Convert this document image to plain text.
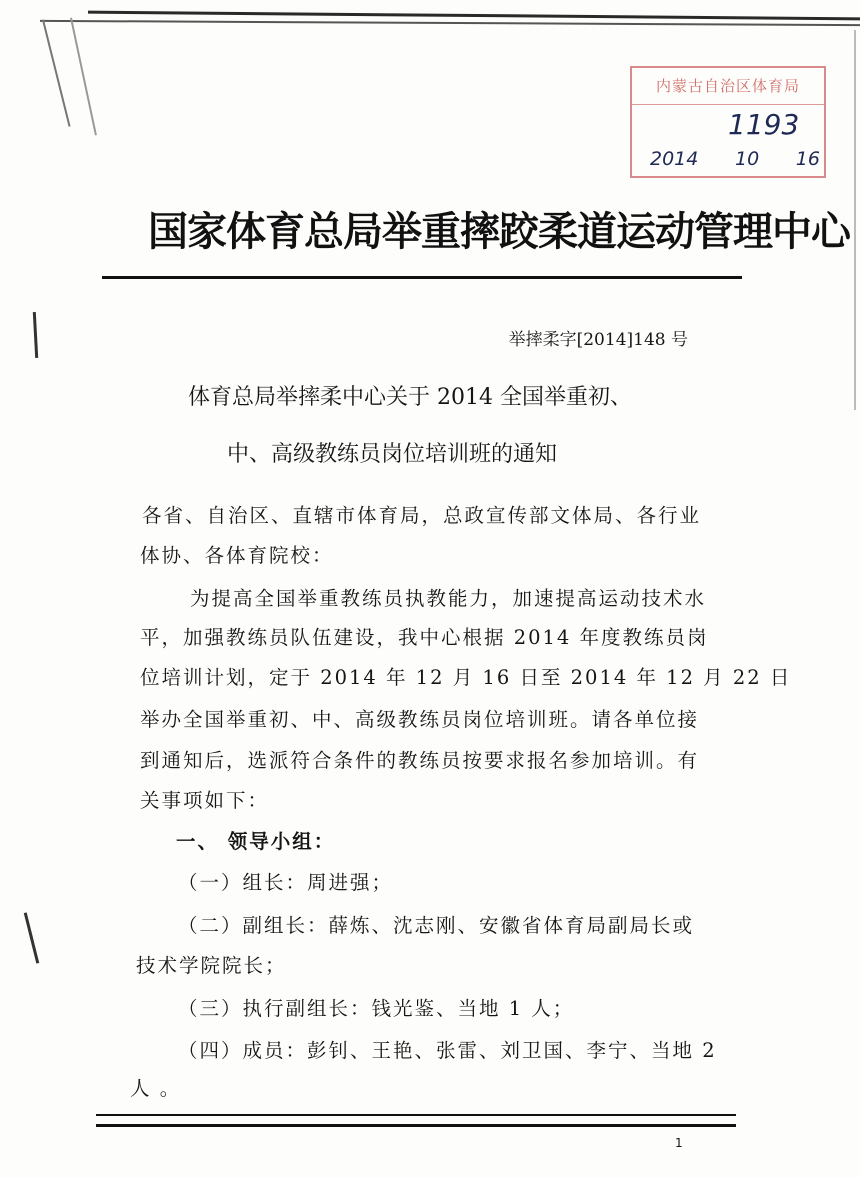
内蒙古自治区体育局
1193
2014 10 16
国家体育总局举重摔跤柔道运动管理中心
举摔柔字[2014]148 号
体育总局举摔柔中心关于 2014 全国举重初、
中、高级教练员岗位培训班的通知
各省、自治区、直辖市体育局，总政宣传部文体局、各行业
体协、各体育院校：
为提高全国举重教练员执教能力，加速提高运动技术水
平，加强教练员队伍建设，我中心根据 2014 年度教练员岗
位培训计划，定于 2014 年 12 月 16 日至 2014 年 12 月 22 日
举办全国举重初、中、高级教练员岗位培训班。请各单位接
到通知后，选派符合条件的教练员按要求报名参加培训。有
关事项如下：
一、 领导小组：
（一）组长：周进强；
（二）副组长：薛炼、沈志刚、安徽省体育局副局长或
技术学院院长；
（三）执行副组长：钱光鉴、当地 1 人；
（四）成员：彭钊、王艳、张雷、刘卫国、李宁、当地 2
人 。
1
